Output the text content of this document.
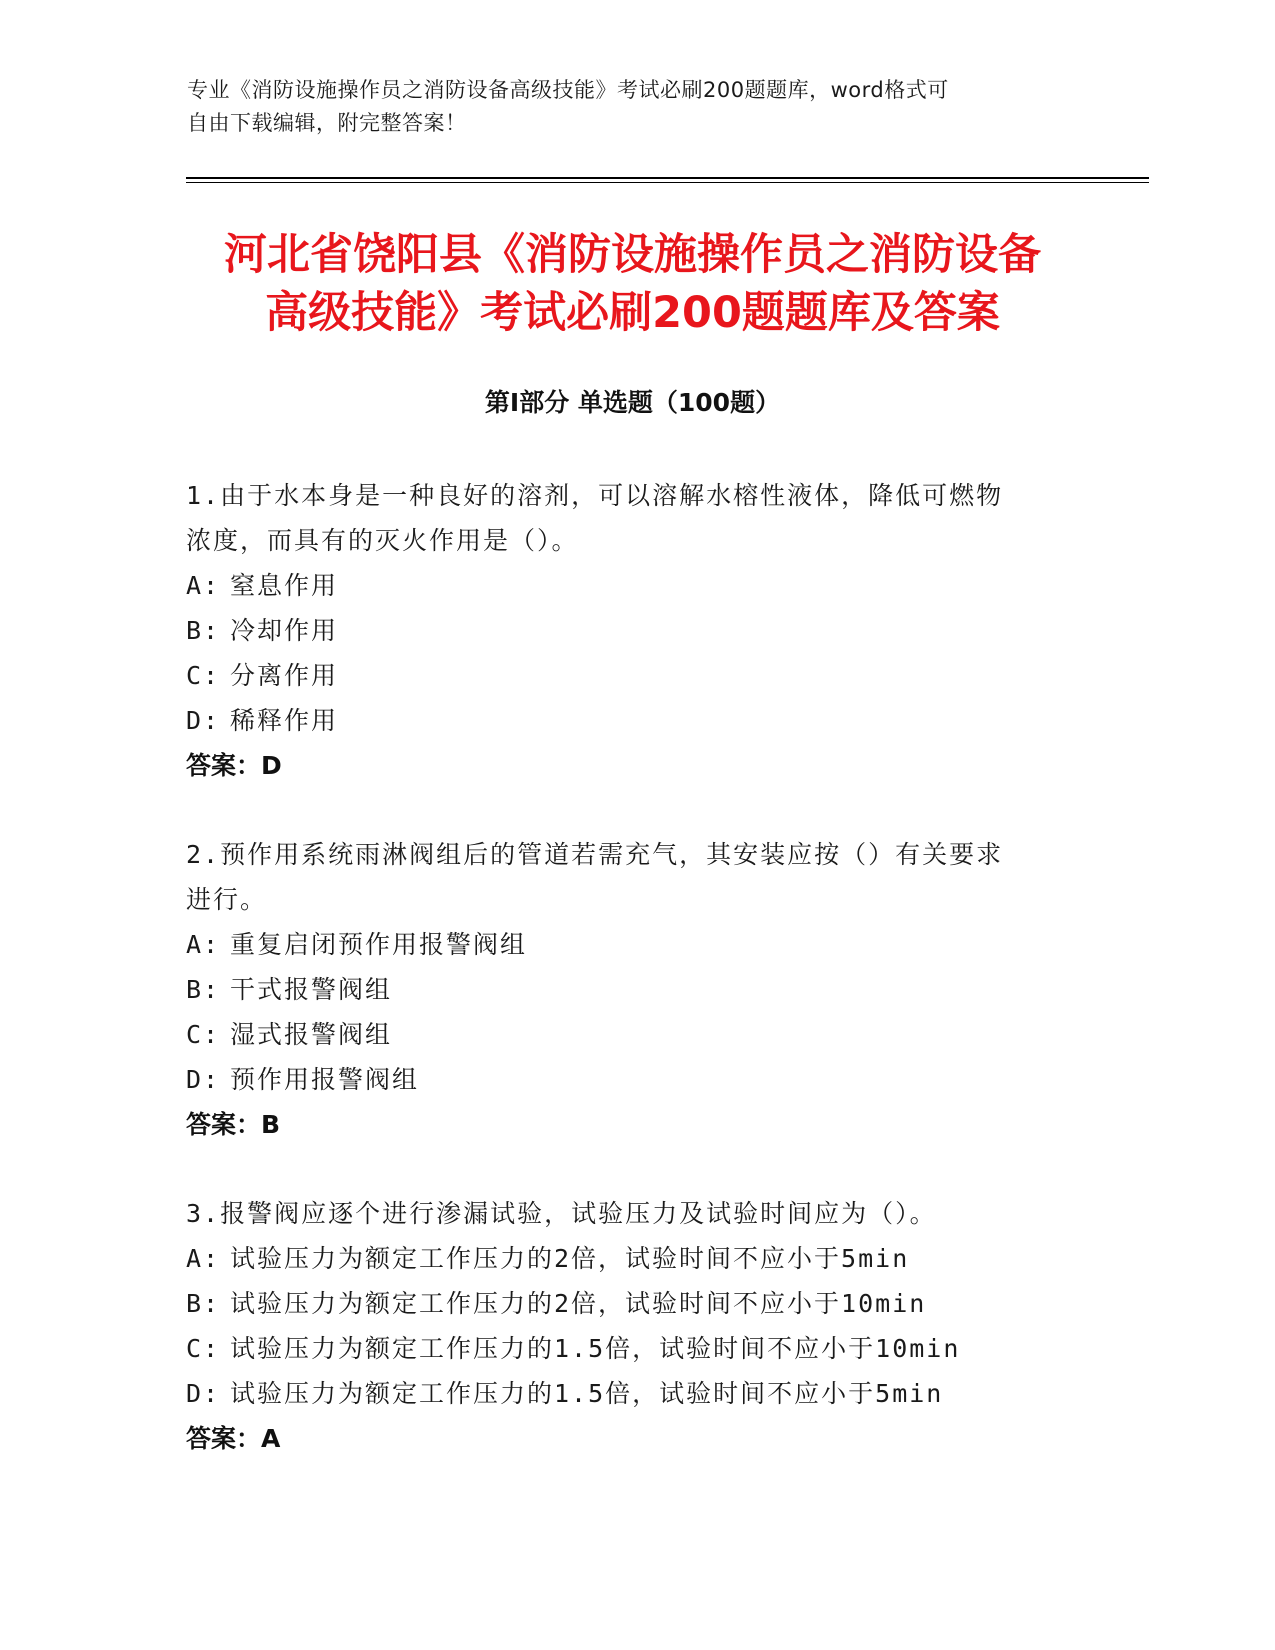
专业《消防设施操作员之消防设备高级技能》考试必刷200题题库，word格式可
自由下载编辑，附完整答案！
河北省饶阳县《消防设施操作员之消防设备
高级技能》考试必刷200题题库及答案
第Ⅰ部分 单选题（100题）
1.由于水本身是一种良好的溶剂，可以溶解水榕性液体，降低可燃物
浓度，而具有的灭火作用是（）。
A: 窒息作用
B: 冷却作用
C: 分离作用
D: 稀释作用
答案：D
2.预作用系统雨淋阀组后的管道若需充气，其安装应按（）有关要求
进行。
A: 重复启闭预作用报警阀组
B: 干式报警阀组
C: 湿式报警阀组
D: 预作用报警阀组
答案：B
3.报警阀应逐个进行渗漏试验，试验压力及试验时间应为（）。
A: 试验压力为额定工作压力的2倍，试验时间不应小于5min
B: 试验压力为额定工作压力的2倍，试验时间不应小于10min
C: 试验压力为额定工作压力的1.5倍，试验时间不应小于10min
D: 试验压力为额定工作压力的1.5倍，试验时间不应小于5min
答案：A
